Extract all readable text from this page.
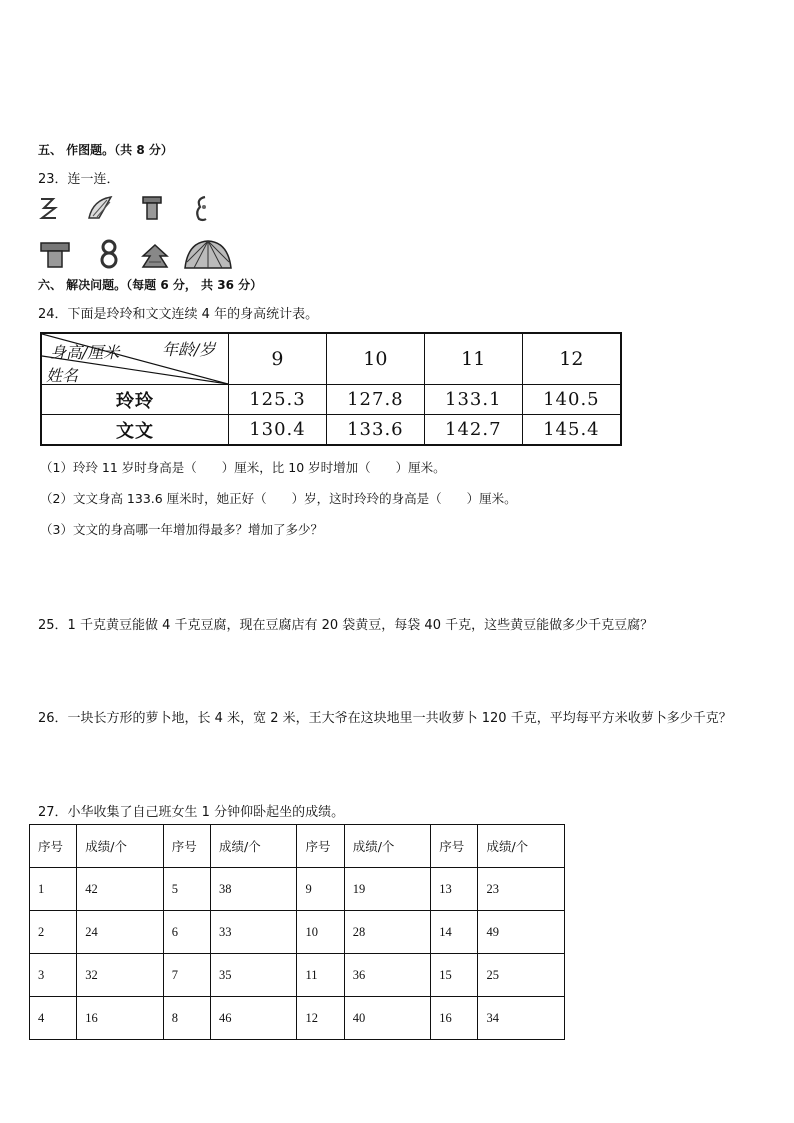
五、 作图题。（共 8 分）
23．连一连．
六、 解决问题。（每题 6 分， 共 36 分）
24．下面是玲玲和文文连续 4 年的身高统计表。
年龄/岁
身高/厘米
姓名	9	10	11	12
玲玲	125.3	127.8	133.1	140.5
文文	130.4	133.6	142.7	145.4
（1）玲玲 11 岁时身高是（　　）厘米，比 10 岁时增加（　　）厘米。
（2）文文身高 133.6 厘米时，她正好（　　）岁，这时玲玲的身高是（　　）厘米。
（3）文文的身高哪一年增加得最多？增加了多少？
25．1 千克黄豆能做 4 千克豆腐，现在豆腐店有 20 袋黄豆，每袋 40 千克，这些黄豆能做多少千克豆腐？
26．一块长方形的萝卜地，长 4 米，宽 2 米，王大爷在这块地里一共收萝卜 120 千克，平均每平方米收萝卜多少千克？
27．小华收集了自己班女生 1 分钟仰卧起坐的成绩。
序号	成绩/个	序号	成绩/个	序号	成绩/个	序号	成绩/个
1	42	5	38	9	19	13	23
2	24	6	33	10	28	14	49
3	32	7	35	11	36	15	25
4	16	8	46	12	40	16	34
